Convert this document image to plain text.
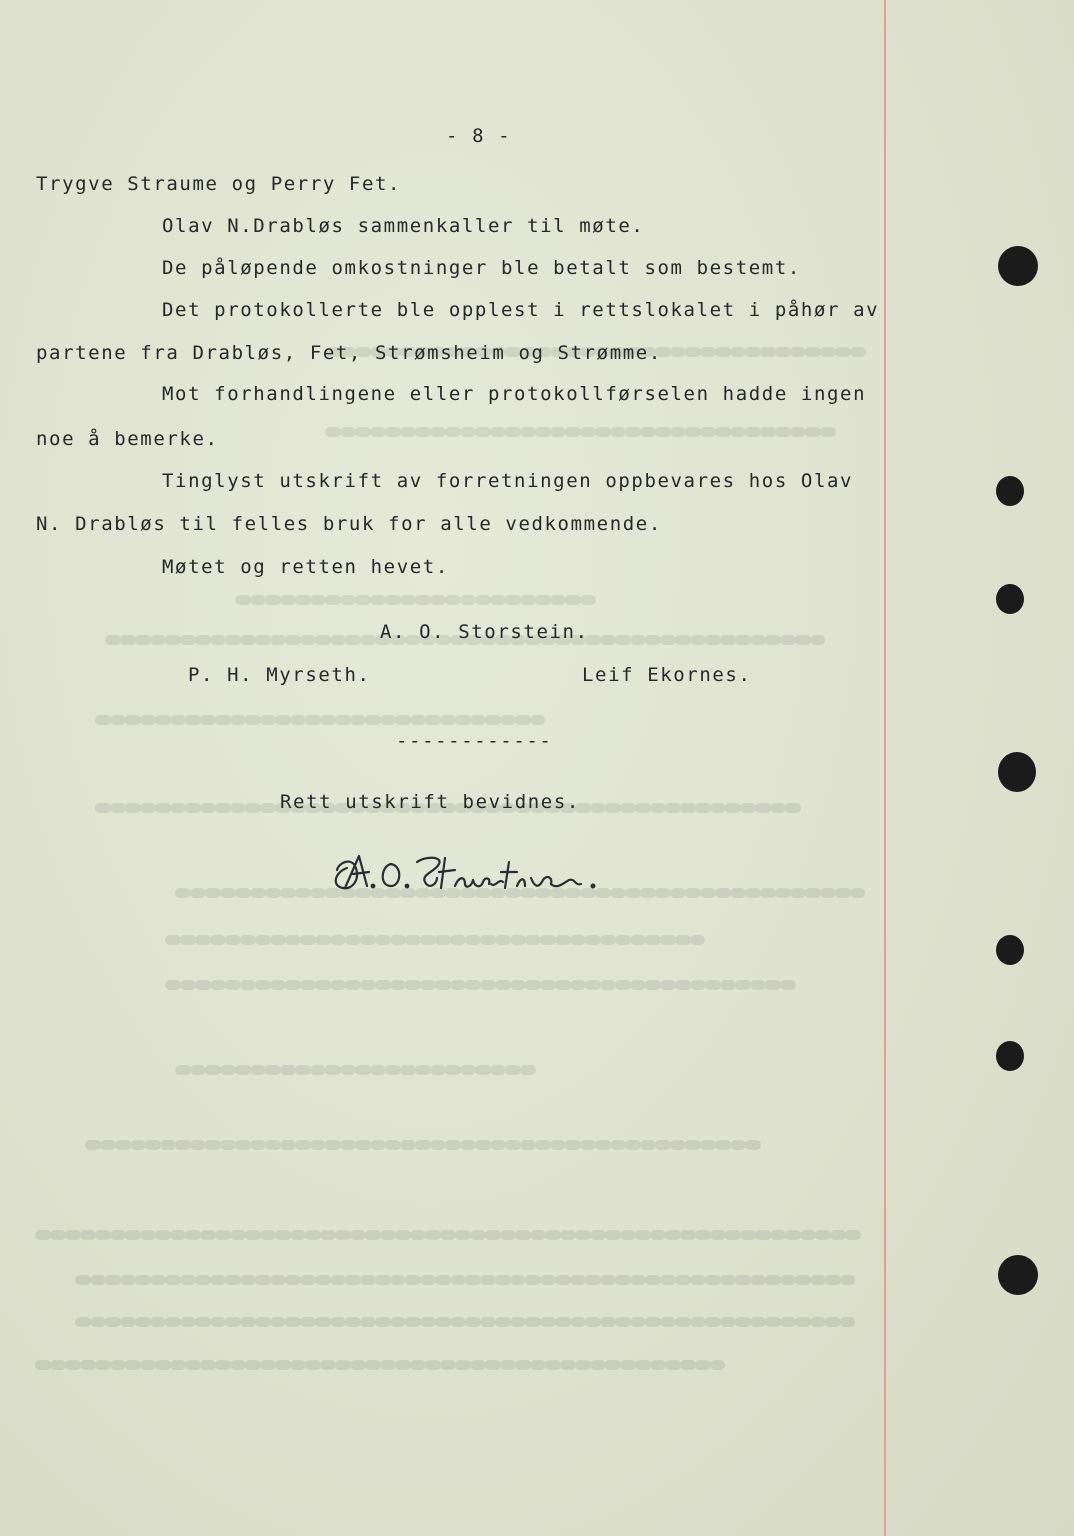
- 8 -
Trygve Straume og Perry Fet.
Olav N.Drabløs sammenkaller til møte.
De påløpende omkostninger ble betalt som bestemt.
Det protokollerte ble opplest i rettslokalet i påhør av
partene fra Drabløs, Fet, Strømsheim og Strømme.
Mot forhandlingene eller protokollførselen hadde ingen
noe å bemerke.
Tinglyst utskrift av forretningen oppbevares hos Olav
N. Drabløs til felles bruk for alle vedkommende.
Møtet og retten hevet.
A. O. Storstein.
P. H. Myrseth.	Leif Ekornes.
------------
Rett utskrift bevidnes.
